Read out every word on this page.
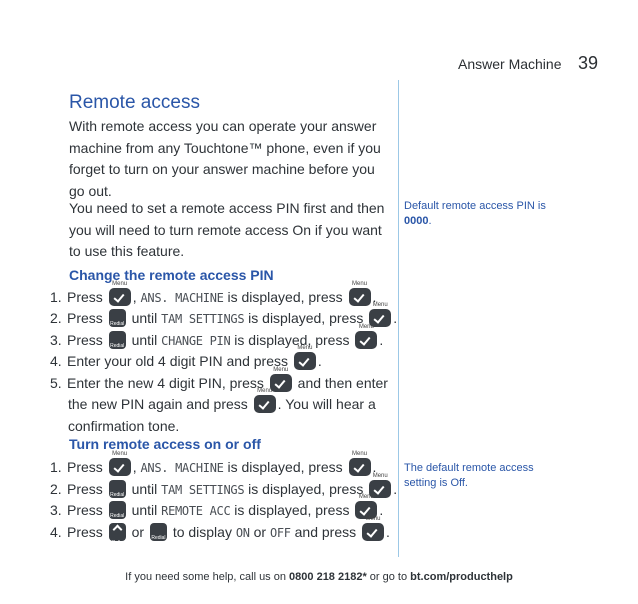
Answer Machine 39
Remote access
With remote access you can operate your answer
machine from any Touchtone™ phone, even if you
forget to turn on your answer machine before you
go out.
You need to set a remote access PIN first and then
you will need to turn remote access On if you want
to use this feature.
Default remote access PIN is
0000.
Change the remote access PIN
1. Press Menu , ANS. MACHINE is displayed, press Menu .
2. Press Redial until TAM SETTINGS is displayed, press Menu .
3. Press Redial until CHANGE PIN is displayed, press Menu .
4. Enter your old 4 digit PIN and press Menu .
5. Enter the new 4 digit PIN, press Menu and then enter
the new PIN again and press Menu . You will hear a
confirmation tone.
Turn remote access on or off
The default remote access
setting is Off.
1. Press Menu , ANS. MACHINE is displayed, press Menu .
2. Press Redial until TAM SETTINGS is displayed, press Menu .
3. Press Redial until REMOTE ACC is displayed, press Menu .
4. Press Calls or Redial to display ON or OFF and press Menu .
If you need some help, call us on 0800 218 2182* or go to bt.com/producthelp
